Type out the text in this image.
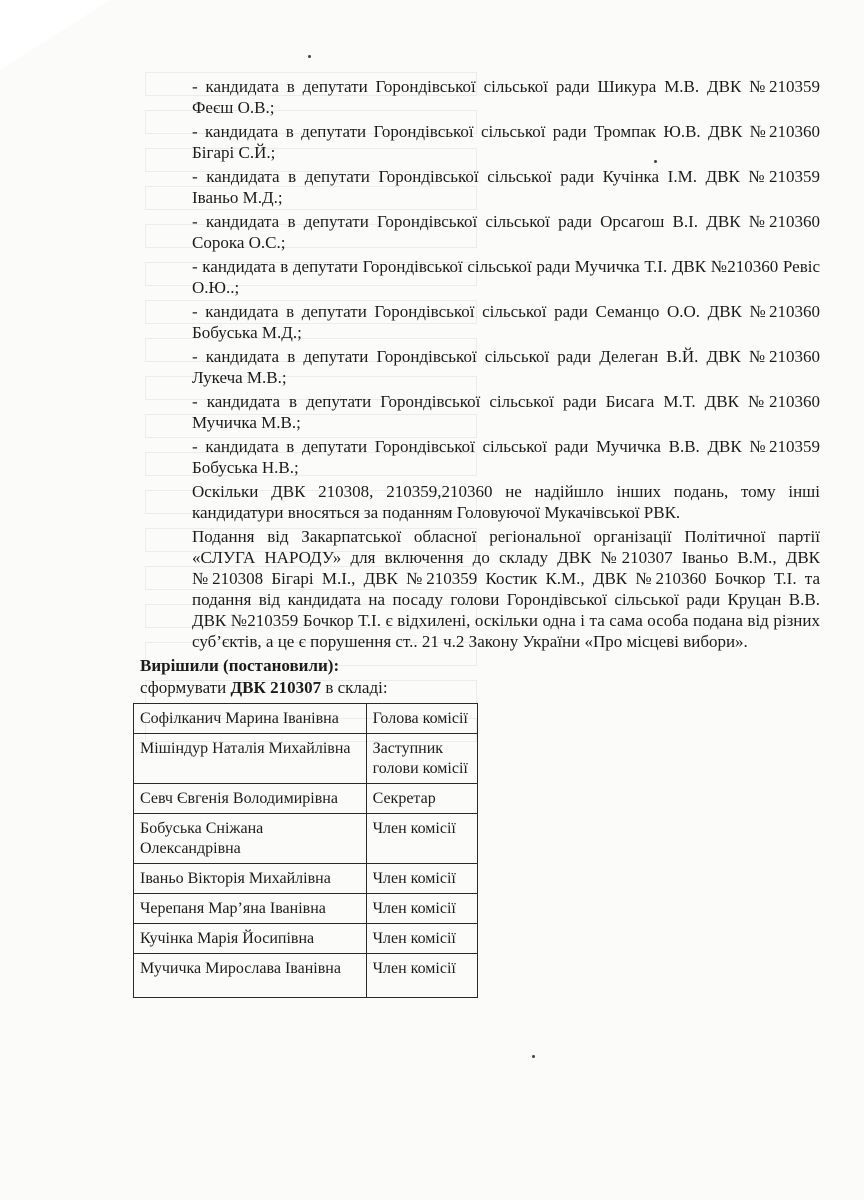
- кандидата в депутати Горондівської сільської ради Шикура М.В. ДВК №210359 Феєш О.В.;

- кандидата в депутати Горондівської сільської ради Тромпак Ю.В. ДВК №210360 Бігарі С.Й.;

- кандидата в депутати Горондівської сільської ради Кучінка І.М. ДВК №210359 Іваньо М.Д.;

- кандидата в депутати Горондівської сільської ради Орсагош В.І. ДВК №210360 Сорока О.С.;

- кандидата в депутати Горондівської сільської ради Мучичка Т.І. ДВК №210360 Ревіс О.Ю..;

- кандидата в депутати Горондівської сільської ради Семанцо О.О. ДВК №210360 Бобуська М.Д.;

- кандидата в депутати Горондівської сільської ради Делеган В.Й. ДВК №210360 Лукеча М.В.;

- кандидата в депутати Горондівської сільської ради Бисага М.Т. ДВК №210360 Мучичка М.В.;

- кандидата в депутати Горондівської сільської ради Мучичка В.В. ДВК №210359 Бобуська Н.В.;

Оскільки ДВК 210308, 210359,210360 не надійшло інших подань, тому інші кандидатури вносяться за поданням Головуючої Мукачівської РВК.

Подання від Закарпатської обласної регіональної організації Політичної партії «СЛУГА НАРОДУ» для включення до складу ДВК №210307 Іваньо В.М., ДВК №210308 Бігарі М.І., ДВК №210359 Костик К.М., ДВК №210360 Бочкор Т.І. та подання від кандидата на посаду голови Горондівської сільської ради Круцан В.В. ДВК №210359 Бочкор Т.І. є відхилені, оскільки одна і та сама особа подана від різних суб’єктів, а це є порушення ст.. 21 ч.2 Закону України «Про місцеві вибори».

Вирішили (постановили):

сформувати ДВК 210307 в складі:

Софілканич Марина Іванівна	Голова комісії
Мішіндур Наталія Михайлівна	Заступник голови комісії
Севч Євгенія Володимирівна	Секретар
Бобуська Сніжана Олександрівна	Член комісії
Іваньо Вікторія Михайлівна	Член комісії
Черепаня Мар’яна Іванівна	Член комісії
Кучінка Марія Йосипівна	Член комісії
Мучичка Мирослава Іванівна	Член комісії
